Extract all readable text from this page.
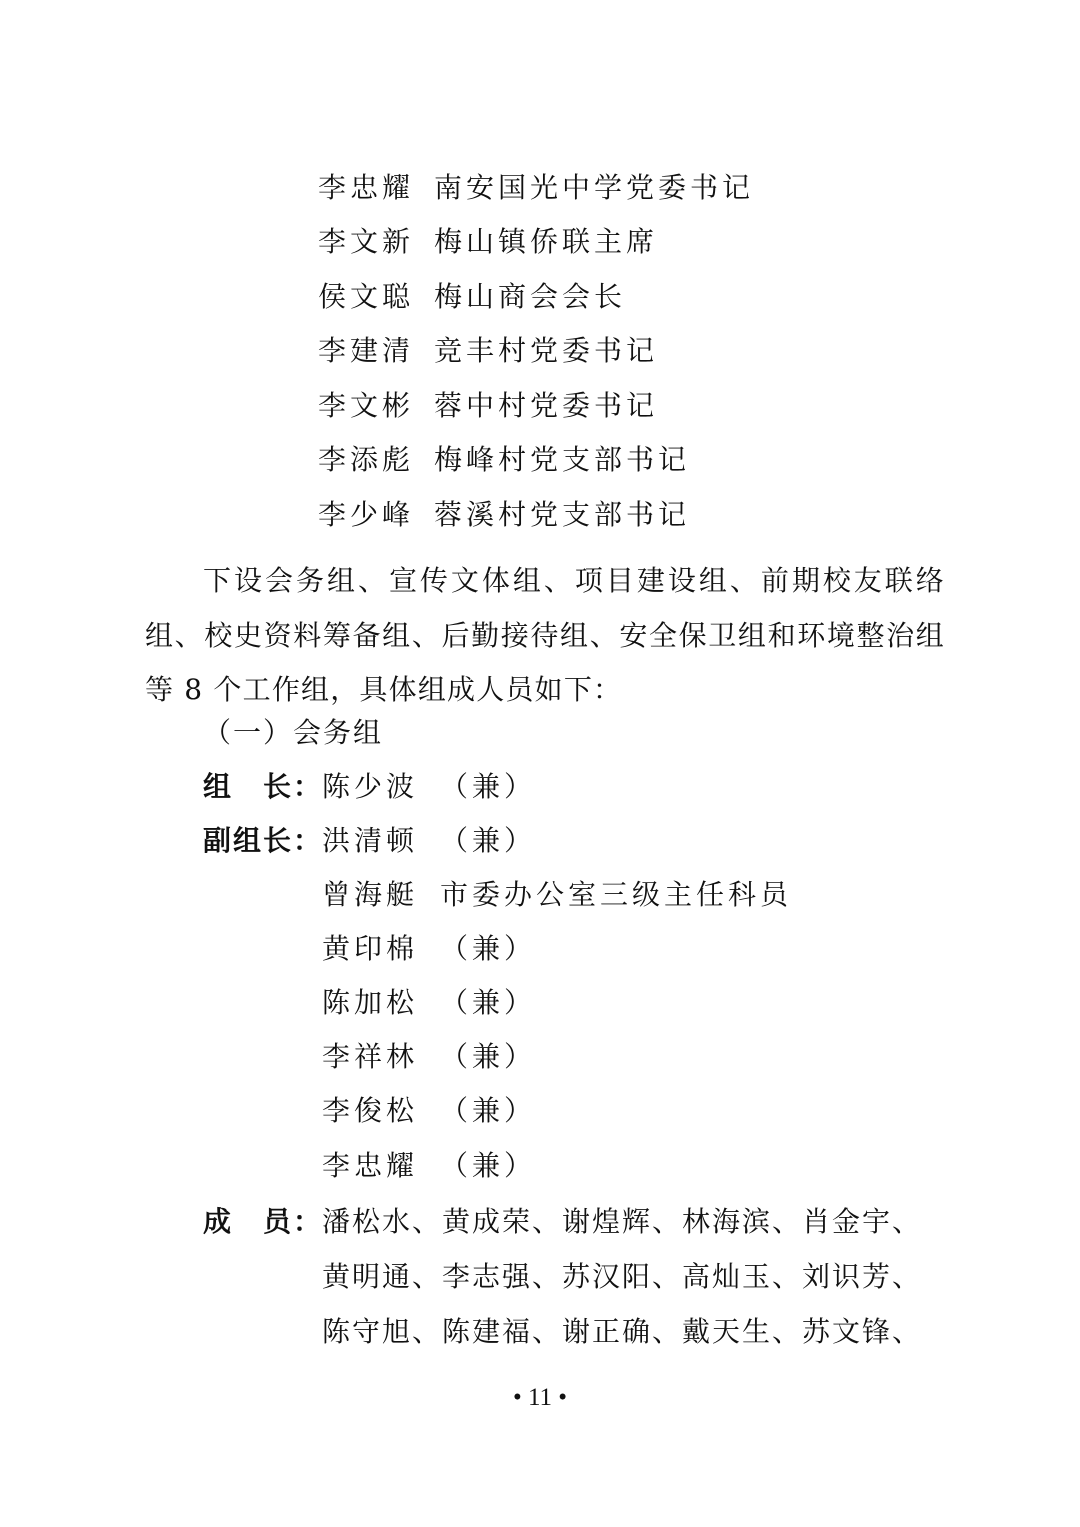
李忠耀 南安国光中学党委书记
李文新 梅山镇侨联主席
侯文聪 梅山商会会长
李建清 竞丰村党委书记
李文彬 蓉中村党委书记
李添彪 梅峰村党支部书记
李少峰 蓉溪村党支部书记
下设会务组、宣传文体组、项目建设组、前期校友联络组、校史资料筹备组、后勤接待组、安全保卫组和环境整治组等 8 个工作组，具体组成人员如下：
（一）会务组
组　长：
陈少波 （兼）
副组长：
洪清顿 （兼）
曾海艇 市委办公室三级主任科员
黄印棉 （兼）
陈加松 （兼）
李祥林 （兼）
李俊松 （兼）
李忠耀 （兼）
成　员：
潘松水、黄成荣、谢煌辉、林海滨、肖金宇、
黄明通、李志强、苏汉阳、高灿玉、刘识芳、
陈守旭、陈建福、谢正确、戴天生、苏文锋、
• 11 •
